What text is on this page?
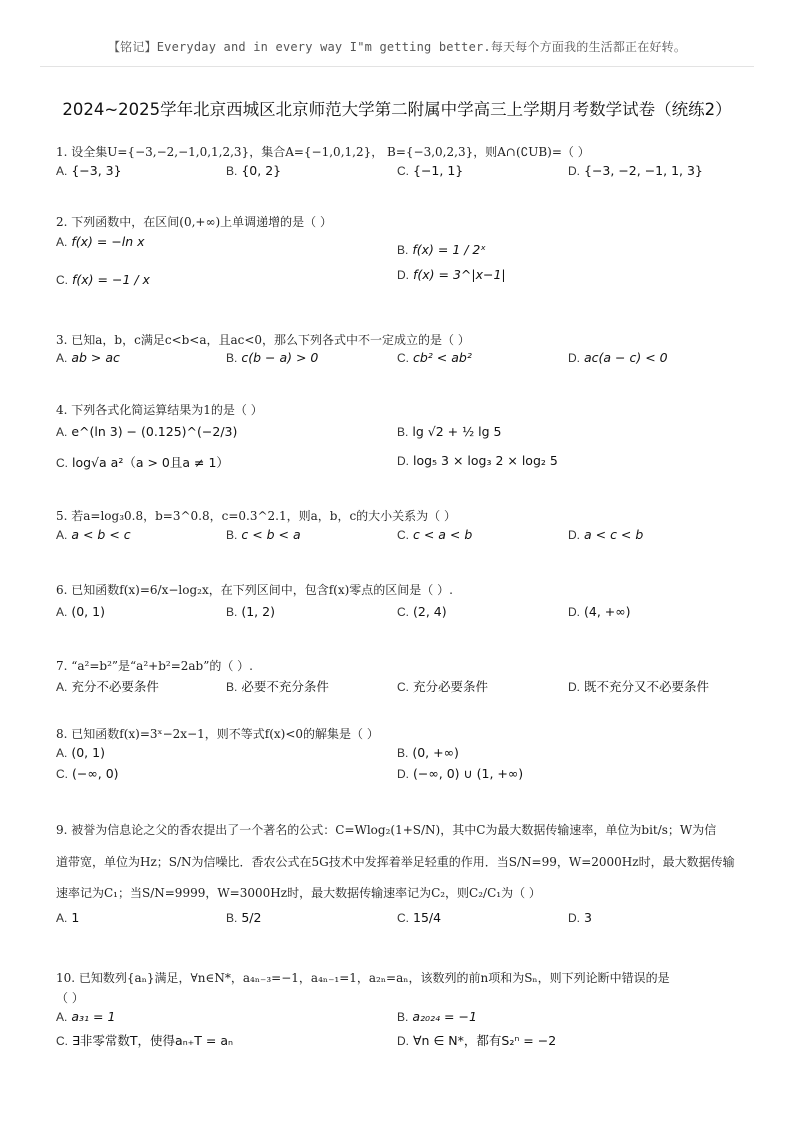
【铭记】Everyday and in every way I"m getting better.每天每个方面我的生活都正在好转。
2024~2025学年北京西城区北京师范大学第二附属中学高三上学期月考数学试卷（统练2）
1. 设全集U={−3,−2,−1,0,1,2,3}，集合A={−1,0,1,2}， B={−3,0,2,3}，则A∩(∁UB)=（ ）
A. {−3, 3}	B. {0, 2}	C. {−1, 1}	D. {−3, −2, −1, 1, 3}
2. 下列函数中，在区间(0,+∞)上单调递增的是（ ）
A. f(x) = −ln x
B. f(x) = 1 / 2ˣ
C. f(x) = −1 / x	D. f(x) = 3^|x−1|
3. 已知a，b，c满足c<b<a，且ac<0，那么下列各式中不一定成立的是（ ）
A. ab > ac	B. c(b − a) > 0	C. cb² < ab²	D. ac(a − c) < 0
4. 下列各式化简运算结果为1的是（ ）
A. e^(ln 3) − (0.125)^(−2/3)	B. lg √2 + ½ lg 5
C. log√a a²（a > 0且a ≠ 1）	D. log₅ 3 × log₃ 2 × log₂ 5
5. 若a=log₃0.8，b=3^0.8，c=0.3^2.1，则a，b，c的大小关系为（ ）
A. a < b < c	B. c < b < a	C. c < a < b	D. a < c < b
6. 已知函数f(x)=6/x−log₂x，在下列区间中，包含f(x)零点的区间是（ ）.
A. (0, 1)	B. (1, 2)	C. (2, 4)	D. (4, +∞)
7. “a²=b²”是“a²+b²=2ab”的（ ）.
A. 充分不必要条件	B. 必要不充分条件	C. 充分必要条件	D. 既不充分又不必要条件
8. 已知函数f(x)=3ˣ−2x−1，则不等式f(x)<0的解集是（ ）
A. (0, 1)	B. (0, +∞)
C. (−∞, 0)	D. (−∞, 0) ∪ (1, +∞)
9. 被誉为信息论之父的香农提出了一个著名的公式：C=Wlog₂(1+S/N)，其中C为最大数据传输速率，单位为bit/s；W为信
道带宽，单位为Hz；S/N为信噪比．香农公式在5G技术中发挥着举足轻重的作用．当S/N=99，W=2000Hz时，最大数据传输
速率记为C₁；当S/N=9999，W=3000Hz时，最大数据传输速率记为C₂，则C₂/C₁为（ ）
A. 1	B. 5/2	C. 15/4	D. 3
10. 已知数列{aₙ}满足，∀n∈N*，a₄ₙ₋₃=−1，a₄ₙ₋₁=1，a₂ₙ=aₙ，该数列的前n项和为Sₙ，则下列论断中错误的是
（ ）
A. a₃₁ = 1	B. a₂₀₂₄ = −1
C. ∃非零常数T，使得aₙ₊T = aₙ	D. ∀n ∈ N*，都有S₂ⁿ = −2
